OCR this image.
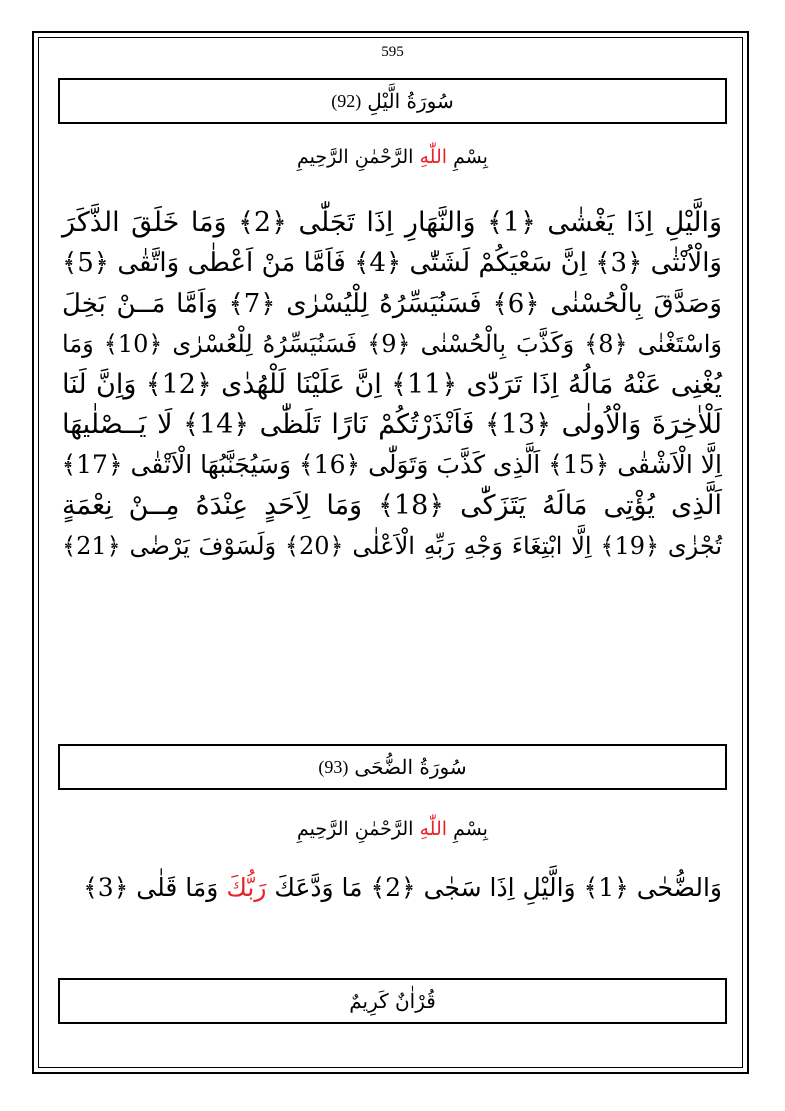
595
سُورَةُ الَّيْلِ
(92)
بِسْمِ اللّٰهِ الرَّحْمٰنِ الرَّحِيمِ
وَالَّيْلِ اِذَا يَغْشٰى ﴿1﴾ وَالنَّهَارِ اِذَا تَجَلّٰى ﴿2﴾ وَمَا خَلَقَ الذَّكَرَ
وَالْاُنْثٰى ﴿3﴾ اِنَّ سَعْيَكُمْ لَشَتّٰى ﴿4﴾ فَاَمَّا مَنْ اَعْطٰى وَاتَّقٰى ﴿5﴾
وَصَدَّقَ بِالْحُسْنٰى ﴿6﴾ فَسَنُيَسِّرُهُ لِلْيُسْرٰى ﴿7﴾ وَاَمَّا مَــنْ بَخِلَ
وَاسْتَغْنٰى ﴿8﴾ وَكَذَّبَ بِالْحُسْنٰى ﴿9﴾ فَسَنُيَسِّرُهُ لِلْعُسْرٰى ﴿10﴾ وَمَا
يُغْنِى عَنْهُ مَالُهُ اِذَا تَرَدّٰى ﴿11﴾ اِنَّ عَلَيْنَا لَلْهُدٰى ﴿12﴾ وَاِنَّ لَنَا
لَلْاٰخِرَةَ وَالْاُولٰى ﴿13﴾ فَاَنْذَرْتُكُمْ نَارًا تَلَظّٰى ﴿14﴾ لَا يَــصْلٰيهَا
اِلَّا الْاَشْقٰى ﴿15﴾ اَلَّذِى كَذَّبَ وَتَوَلّٰى ﴿16﴾ وَسَيُجَنَّبُهَا الْاَتْقٰى ﴿17﴾
اَلَّذِى يُؤْتِى مَالَهُ يَتَزَكّٰى ﴿18﴾ وَمَا لِاَحَدٍ عِنْدَهُ مِــنْ نِعْمَةٍ
تُجْزٰى ﴿19﴾ اِلَّا ابْتِغَاءَ وَجْهِ رَبِّهِ الْاَعْلٰى ﴿20﴾ وَلَسَوْفَ يَرْضٰى ﴿21﴾
سُورَةُ الضُّحَى
(93)
بِسْمِ اللّٰهِ الرَّحْمٰنِ الرَّحِيمِ
وَالضُّحٰى ﴿1﴾ وَالَّيْلِ اِذَا سَجٰى ﴿2﴾ مَا وَدَّعَكَ رَبُّكَ وَمَا قَلٰى ﴿3﴾
قُرْاٰنٌ كَرِيمٌ
